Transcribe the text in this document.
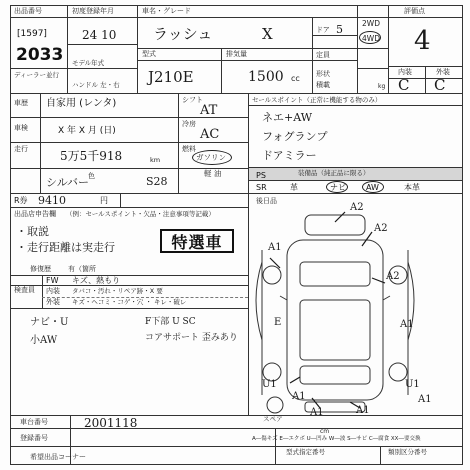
出品番号
[1597]
2033
ディーラー並行
初度登録年月
24 10
モデル年式
ハンドル 左・右
車名・グレード
ラッシュ	X
2WD
4WD
ドア 5
定員
形状
積載	kg
型式
J210E
排気量
1500 cc
評価点
4
内装	外装
C C
車歴 自家用 (レンタ)
車検	X 年 X 月 (日)
走行	5万5千918	km
色
シルバー	S28
シフト
AT
冷房
AC
燃料
ガソリン
軽 油
セールスポイント（正常に機能する物のみ）
ネエ+AW
フォグランプ
ドアミラー
装備品（純正品に限る）
PS
SR	革	ナビ	AW	本革
R券 9410	円	後日品
出品店申告欄 （例：セールスポイント・欠品・注意事項等記載）
・取説
・走行距離は実走行	特選車
修復歴 有（箇所
検査員
FW キズ、熱もり
内装 タバコ・汚れ・リペア跡・X 要
外装 キズ・ヘコミ・コゲ・穴 ・ キレ・破レ
ナビ・U
小AW
F下部 U SC
コアサポート 歪みあり
A2
A2
A1
A2
U1
A1
A1	A1
U1
A1
E	A1
スペア
A―傷キズ E―エクボ U―凹み W―波 S―サビ C―腐食 XX―要交換
車台番号	2001118
登録番号
希望出品コーナー
型式指定番号	類別区分番号
cm
